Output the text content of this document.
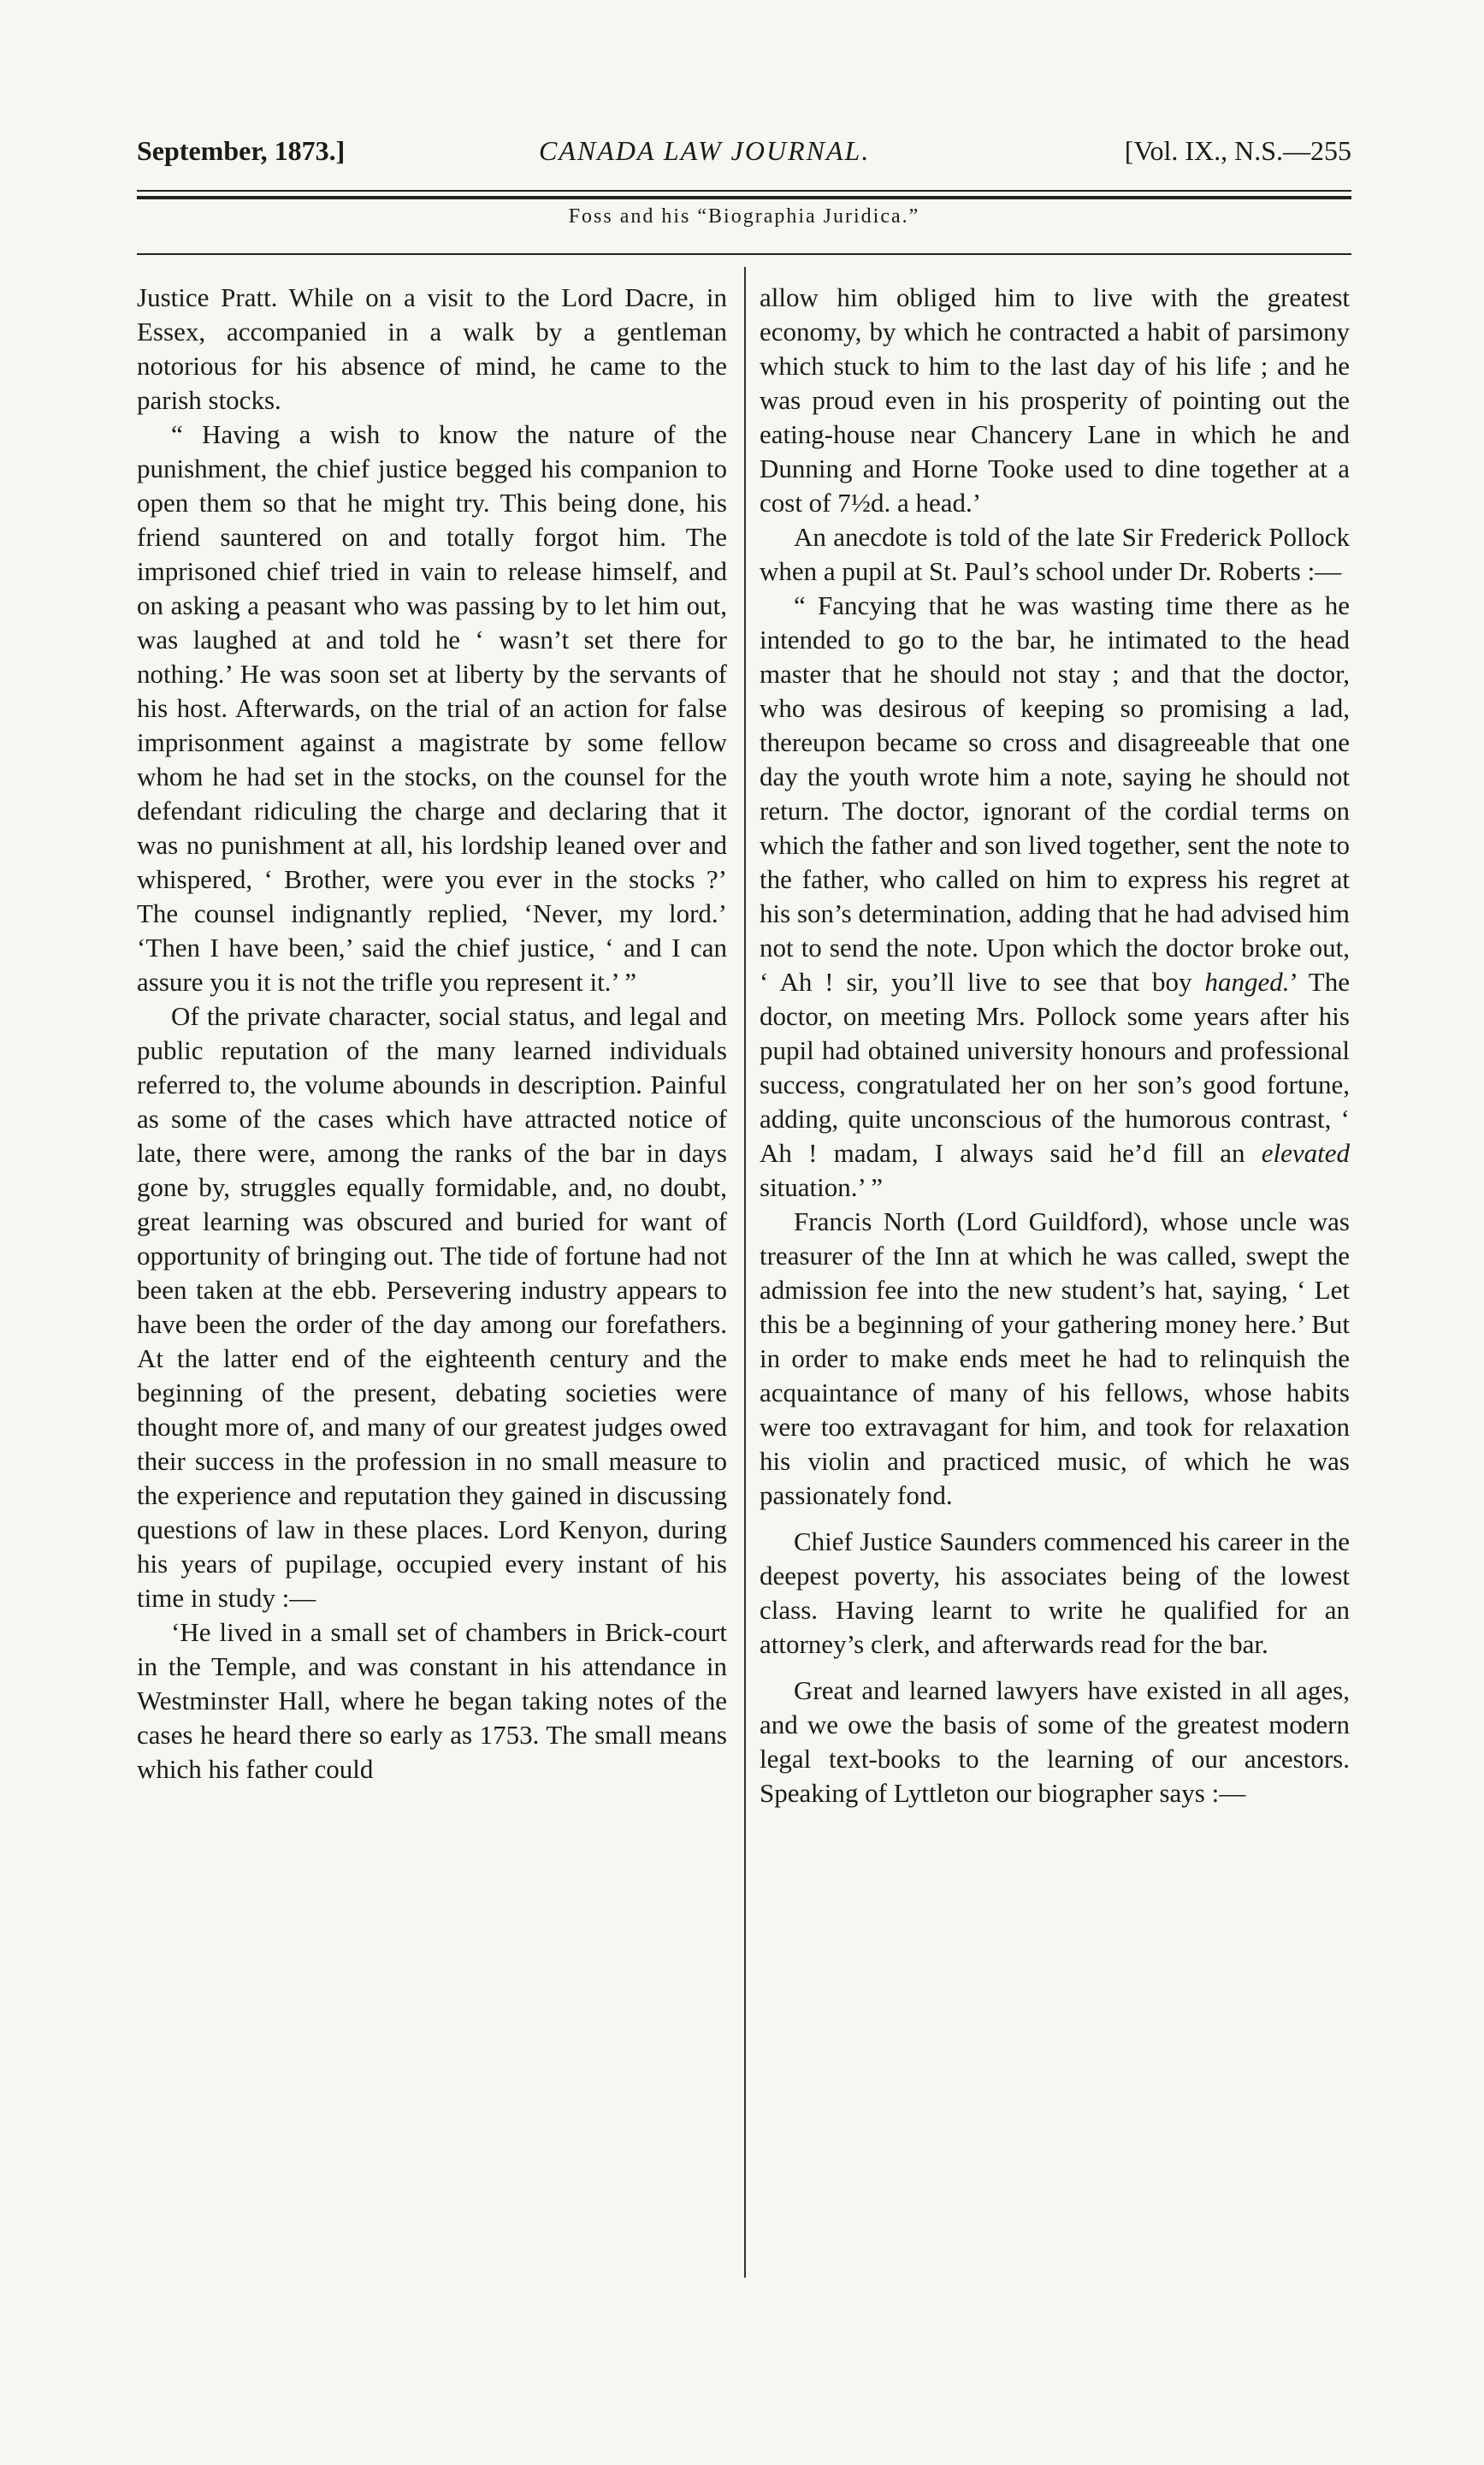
September, 1873.]	CANADA LAW JOURNAL.	[Vol. IX., N.S.—255
Foss and his “Biographia Juridica.”

Justice Pratt. While on a visit to the Lord Dacre, in Essex, accompanied in a walk by a gentleman notorious for his absence of mind, he came to the parish stocks.

“ Having a wish to know the nature of the punishment, the chief justice begged his companion to open them so that he might try. This being done, his friend sauntered on and totally forgot him. The imprisoned chief tried in vain to release himself, and on asking a peasant who was passing by to let him out, was laughed at and told he ‘ wasn’t set there for nothing.’ He was soon set at liberty by the servants of his host. Afterwards, on the trial of an action for false imprisonment against a magistrate by some fellow whom he had set in the stocks, on the counsel for the defendant ridiculing the charge and declaring that it was no punishment at all, his lordship leaned over and whispered, ‘ Brother, were you ever in the stocks ?’ The counsel indignantly replied, ‘Never, my lord.’ ‘Then I have been,’ said the chief justice, ‘ and I can assure you it is not the trifle you represent it.’ ”

Of the private character, social status, and legal and public reputation of the many learned individuals referred to, the volume abounds in description. Painful as some of the cases which have attracted notice of late, there were, among the ranks of the bar in days gone by, struggles equally formidable, and, no doubt, great learning was obscured and buried for want of opportunity of bringing out. The tide of fortune had not been taken at the ebb. Persevering industry appears to have been the order of the day among our forefathers. At the latter end of the eighteenth century and the beginning of the present, debating societies were thought more of, and many of our greatest judges owed their success in the profession in no small measure to the experience and reputation they gained in discussing questions of law in these places. Lord Kenyon, during his years of pupilage, occupied every instant of his time in study :—

‘He lived in a small set of chambers in Brick-court in the Temple, and was constant in his attendance in Westminster Hall, where he began taking notes of the cases he heard there so early as 1753. The small means which his father could

allow him obliged him to live with the greatest economy, by which he contracted a habit of parsimony which stuck to him to the last day of his life ; and he was proud even in his prosperity of pointing out the eating-house near Chancery Lane in which he and Dunning and Horne Tooke used to dine together at a cost of 7½d. a head.’

An anecdote is told of the late Sir Frederick Pollock when a pupil at St. Paul’s school under Dr. Roberts :—

“ Fancying that he was wasting time there as he intended to go to the bar, he intimated to the head master that he should not stay ; and that the doctor, who was desirous of keeping so promising a lad, thereupon became so cross and disagreeable that one day the youth wrote him a note, saying he should not return. The doctor, ignorant of the cordial terms on which the father and son lived together, sent the note to the father, who called on him to express his regret at his son’s determination, adding that he had advised him not to send the note. Upon which the doctor broke out, ‘ Ah ! sir, you’ll live to see that boy hanged.’ The doctor, on meeting Mrs. Pollock some years after his pupil had obtained university honours and professional success, congratulated her on her son’s good fortune, adding, quite unconscious of the humorous contrast, ‘ Ah ! madam, I always said he’d fill an elevated situation.’ ”

Francis North (Lord Guildford), whose uncle was treasurer of the Inn at which he was called, swept the admission fee into the new student’s hat, saying, ‘ Let this be a beginning of your gathering money here.’ But in order to make ends meet he had to relinquish the acquaintance of many of his fellows, whose habits were too extravagant for him, and took for relaxation his violin and practiced music, of which he was passionately fond.

Chief Justice Saunders commenced his career in the deepest poverty, his associates being of the lowest class. Having learnt to write he qualified for an attorney’s clerk, and afterwards read for the bar.

Great and learned lawyers have existed in all ages, and we owe the basis of some of the greatest modern legal text-books to the learning of our ancestors. Speaking of Lyttleton our biographer says :—
